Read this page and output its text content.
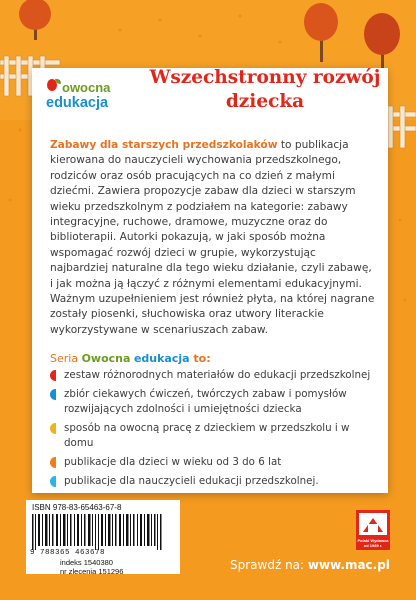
owocna
edukacja
Wszechstronny rozwój dziecka
Zabawy dla starszych przedszkolaków to publikacja kierowana do nauczycieli wychowania przedszkolnego, rodziców oraz osób pracujących na co dzień z małymi dziećmi. Zawiera propozycje zabaw dla dzieci w starszym wieku przedszkolnym z podziałem na kategorie: zabawy integracyjne, ruchowe, dramowe, muzyczne oraz do biblioterapii. Autorki pokazują, w jaki sposób można wspomagać rozwój dzieci w grupie, wykorzystując najbardziej naturalne dla tego wieku działanie, czyli zabawę, i jak można ją łączyć z różnymi elementami edukacyjnymi. Ważnym uzupełnieniem jest również płyta, na której nagrane zostały piosenki, słuchowiska oraz utwory literackie wykorzystywane w scenariuszach zabaw.
Seria Owocna edukacja to:
zestaw różnorodnych materiałów do edukacji przedszkolnej
zbiór ciekawych ćwiczeń, twórczych zabaw i pomysłów rozwijających zdolności i umiejętności dziecka
sposób na owocną pracę z dzieckiem w przedszkolu i w domu
publikacje dla dzieci w wieku od 3 do 6 lat
publikacje dla nauczycieli edukacji przedszkolnej.
ISBN 978-83-65463-67-8
9 788365 463678
indeks 1540380
nr zlecenia 151296
Polski Wydawca od 1989 r.
Sprawdź na: www.mac.pl
